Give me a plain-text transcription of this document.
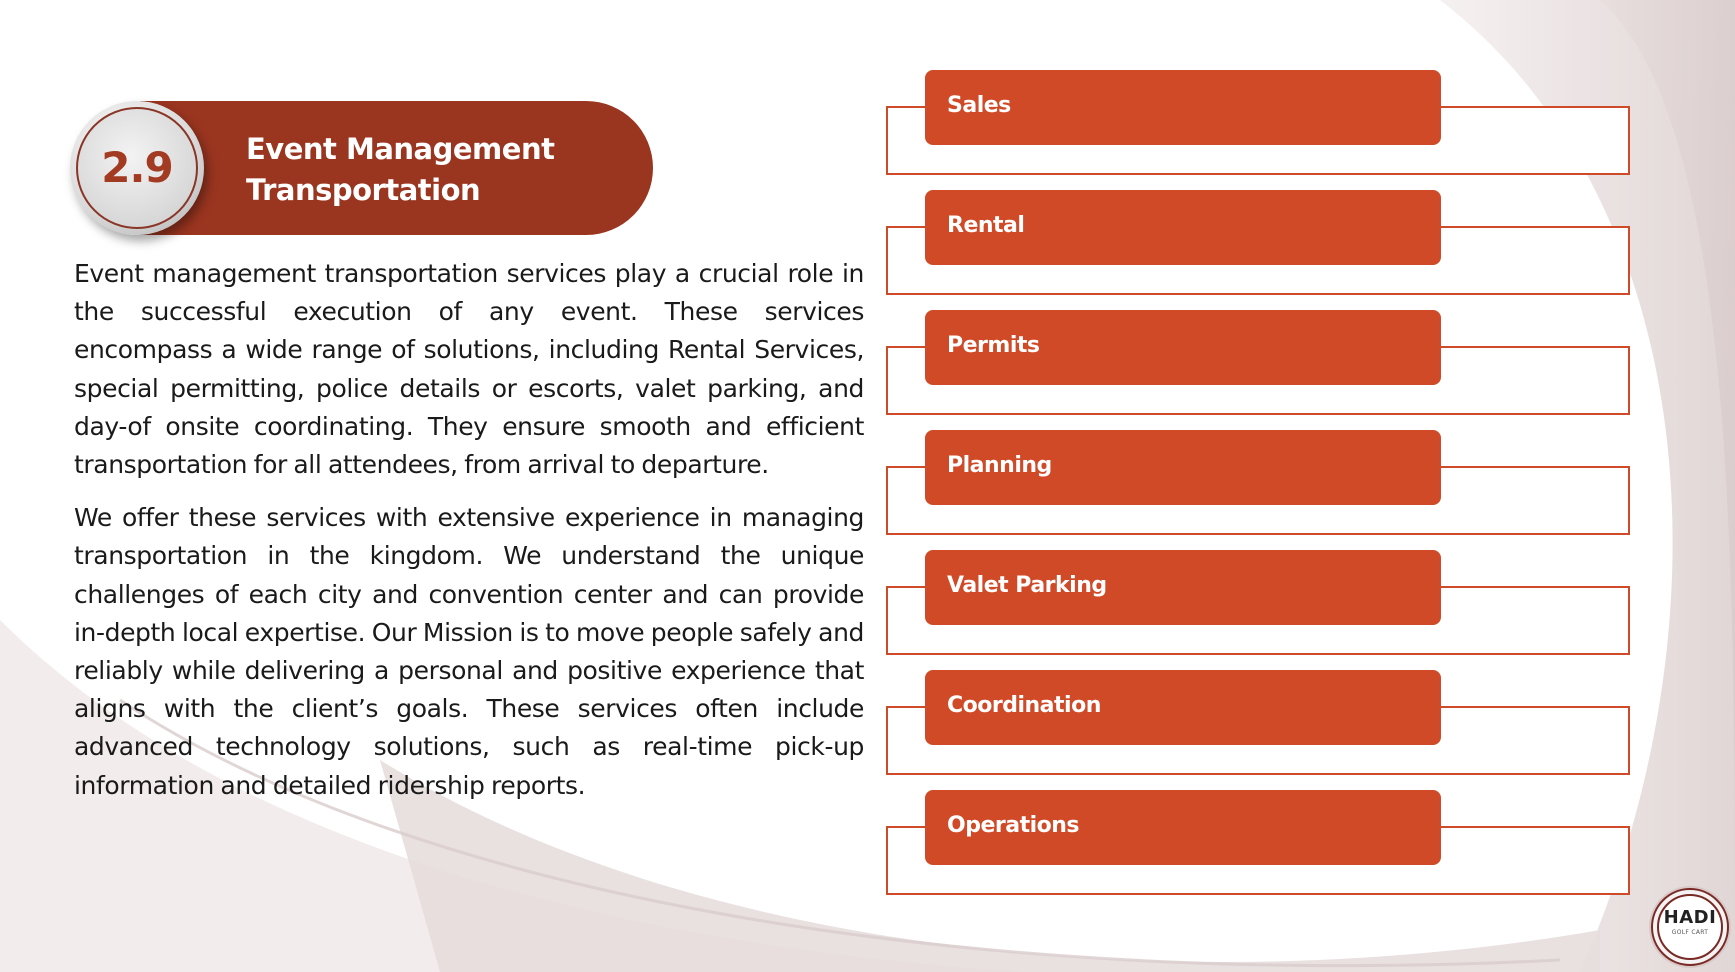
Event Management
Transportation
2.9

Event management transportation services play a crucial role in the successful execution of any event. These services encompass a wide range of solutions, including Rental Services, special permitting, police details or escorts, valet parking, and day-of onsite coordinating. They ensure smooth and efficient transportation for all attendees, from arrival to departure.

We offer these services with extensive experience in managing transportation in the kingdom. We understand the unique challenges of each city and convention center and can provide in-depth local expertise. Our Mission is to move people safely and reliably while delivering a personal and positive experience that aligns with the client’s goals. These services often include advanced technology solutions, such as real-time pick-up information and detailed ridership reports.

Sales
Rental
Permits
Planning
Valet Parking
Coordination
Operations
HADI
GOLF CART
